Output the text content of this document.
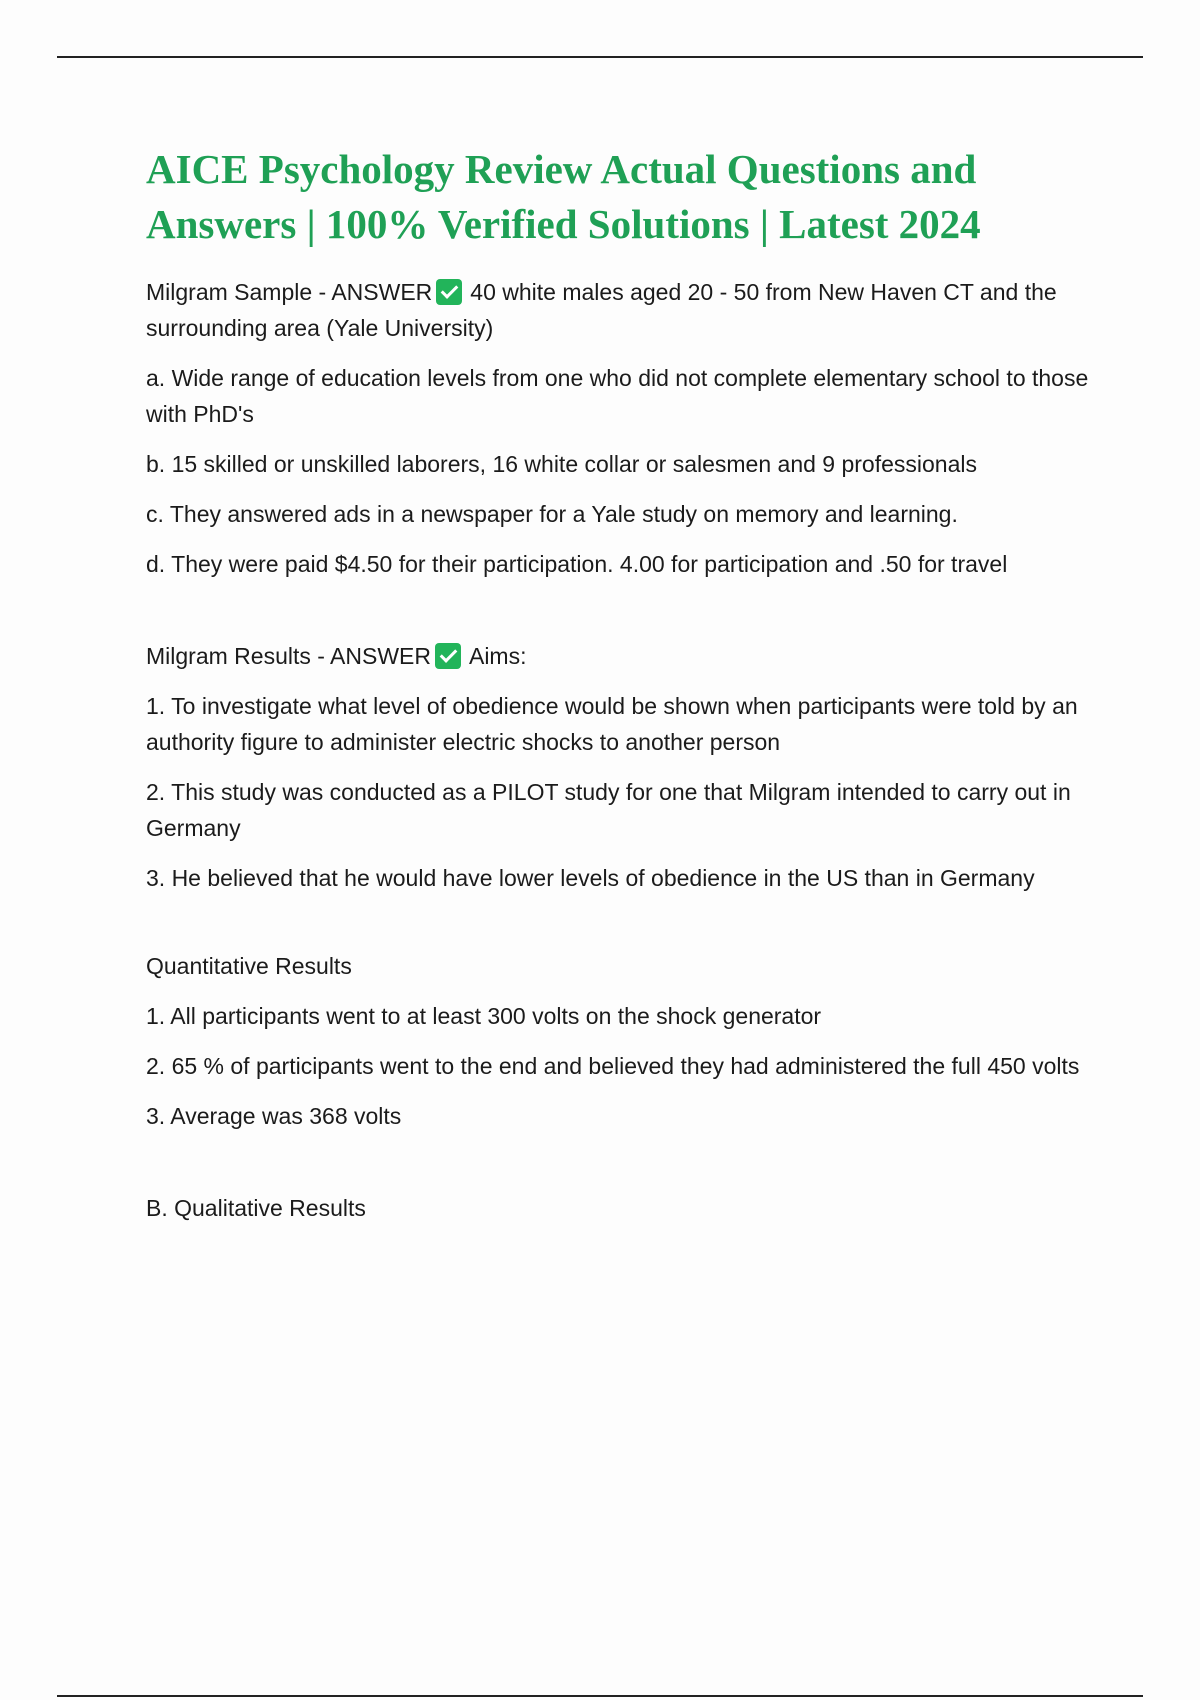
AICE Psychology Review Actual Questions and Answers | 100% Verified Solutions | Latest 2024

Milgram Sample - ANSWER 40 white males aged 20 - 50 from New Haven CT and the surrounding area (Yale University)

a. Wide range of education levels from one who did not complete elementary school to those with PhD's

b. 15 skilled or unskilled laborers, 16 white collar or salesmen and 9 professionals

c. They answered ads in a newspaper for a Yale study on memory and learning.

d. They were paid $4.50 for their participation. 4.00 for participation and .50 for travel

Milgram Results - ANSWER Aims:

1. To investigate what level of obedience would be shown when participants were told by an authority figure to administer electric shocks to another person

2. This study was conducted as a PILOT study for one that Milgram intended to carry out in Germany

3. He believed that he would have lower levels of obedience in the US than in Germany

Quantitative Results

1. All participants went to at least 300 volts on the shock generator

2. 65 % of participants went to the end and believed they had administered the full 450 volts

3. Average was 368 volts

B. Qualitative Results
